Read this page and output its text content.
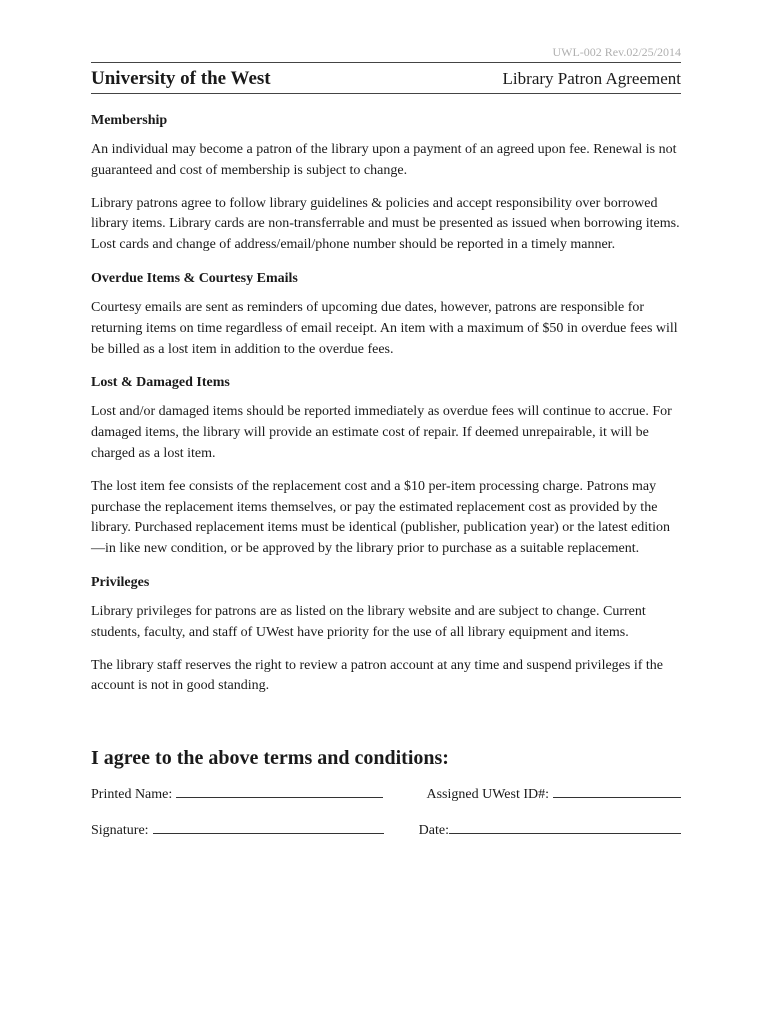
UWL-002 Rev.02/25/2014
University of the West	Library Patron Agreement
Membership

An individual may become a patron of the library upon a payment of an agreed upon fee. Renewal is not guaranteed and cost of membership is subject to change.

Library patrons agree to follow library guidelines & policies and accept responsibility over borrowed library items. Library cards are non-transferrable and must be presented as issued when borrowing items. Lost cards and change of address/email/phone number should be reported in a timely manner.

Overdue Items & Courtesy Emails

Courtesy emails are sent as reminders of upcoming due dates, however, patrons are responsible for returning items on time regardless of email receipt. An item with a maximum of $50 in overdue fees will be billed as a lost item in addition to the overdue fees.

Lost & Damaged Items

Lost and/or damaged items should be reported immediately as overdue fees will continue to accrue. For damaged items, the library will provide an estimate cost of repair. If deemed unrepairable, it will be charged as a lost item.

The lost item fee consists of the replacement cost and a $10 per-item processing charge. Patrons may purchase the replacement items themselves, or pay the estimated replacement cost as provided by the library. Purchased replacement items must be identical (publisher, publication year) or the latest edition—in like new condition, or be approved by the library prior to purchase as a suitable replacement.

Privileges

Library privileges for patrons are as listed on the library website and are subject to change. Current students, faculty, and staff of UWest have priority for the use of all library equipment and items.

The library staff reserves the right to review a patron account at any time and suspend privileges if the account is not in good standing.

I agree to the above terms and conditions:
Printed Name:	Assigned UWest ID#:
Signature:	Date:
